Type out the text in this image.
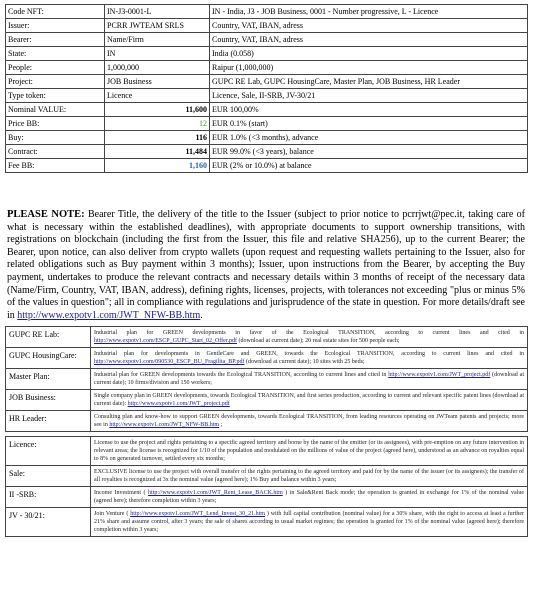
Code NFT:	IN-J3-0001-L	IN - India, J3 - JOB Business, 0001 - Number progressive, L - Licence
Issuer:	PCRR JWTEAM SRLS	Country, VAT, IBAN, adress
Bearer:	Name/Firm	Country, VAT, IBAN, adress
State:	IN	India (0.058)
People:	1,000,000	Raipur (1,000,000)
Project:	JOB Business	GUPC RE Lab, GUPC HousingCare, Master Plan, JOB Business, HR Leader
Type token:	Licence	Licence, Sale, II-SRB, JV-30/21
Nominal VALUE:	11,600	EUR 100,00%
Price BB:	12	EUR 0.1% (start)
Buy:	116	EUR 1.0% (<3 months), advance
Contract:	11,484	EUR 99.0% (<3 years), balance
Fee BB:	1,160	EUR (2% or 10.0%) at balance
PLEASE NOTE: Bearer Title, the delivery of the title to the Issuer (subject to prior notice to pcrrjwt@pec.it, taking care of what is necessary within the established deadlines), with appropriate documents to support ownership transitions, with registrations on blockchain (including the first from the Issuer, this file and relative SHA256), up to the current Bearer; the Bearer, upon notice, can also deliver from crypto wallets (upon request and requesting wallets pertaining to the Issuer, also for related obligations such as Buy payment within 3 months); Issuer, upon instructions from the Bearer, by accepting the Buy payment, undertakes to produce the relevant contracts and necessary details within 3 months of receipt of the necessary data (Name/Firm, Country, VAT, IBAN, address), defining rights, licenses, projects, with tolerances not exceeding "plus or minus 5% of the values in question"; all in compliance with regulations and jurisprudence of the state in question. For more details/draft see in http://www.expotv1.com/JWT_NFW-BB.htm.
GUPC RE Lab:	Industrial plan for GREEN developments in favor of the Ecological TRANSITION, according to current lines and cited in http://www.expotv1.com/ESCP_GUPC_Start_02_Offer.pdf (download at current date); 20 real estate sites for 500 people each;
GUPC HousingCare:	Industrial plan for developments in GentleCare and GREEN, towards the Ecological TRANSITION, according to current lines and cited in http://www.expotv1.com/090530_ESCP_BU_Fragilita_BP.pdf (download at current date); 10 sites with 25 beds;
Master Plan:	Industrial plan for GREEN developments towards the Ecological TRANSITION, according to current lines and cited in http://www.expotv1.com/JWT_project.pdf (download at current date); 10 firms/division and 150 workers;
JOB Business:	Single company plan in GREEN developments, towards Ecological TRANSITION, and first series production, according to current and relevant specific patent lines (download at current date): http://www.expotv1.com/JWT_project.pdf
HR Leader:	Consulting plan and know-how to support GREEN developments, towards Ecological TRANSITION, from leading resources operating on JWTeam patents and projects; more see in http://www.expotv1.com/JWT_NFW-BB.htm ;

Licence:	License to use the project and rights pertaining to a specific agreed territory and borne by the name of the emitter (or its assignees), with pre-emption on any future intervention in relevant areas; the license is recognized for 1/10 of the population and modulated on the millions of value of the project (agreed here), understood as an advance on royalties equal to 8% on generated turnover, settled every six months;
Sale:	EXCLUSIVE license to use the project with overall transfer of the rights pertaining to the agreed territory and paid for by the name of the issuer (or its assignees); the transfer of all royalties is recognized at 3x the nominal value (agreed here); 1% Buy and balance within 3 years;
II -SRB:	Income Investment ( http://www.expotv1.com/JWT_Rent_Lease_BACK.htm ) in Sale&Rent Back mode; the operation is granted in exchange for 1% of the nominal value (agreed here); therefore completion within 3 years;
JV - 30/21:	Join Venture ( http://www.expotv1.com/JWT_Lend_Invest_30_21.htm ) with full capital contribution (nominal value) for a 30% share, with the right to access at least a further 21% share and assume control, after 3 years; the sale of shares according to usual market regimes; the operation is granted for 1% of the nominal value (agreed here); therefore completion within 3 years;
